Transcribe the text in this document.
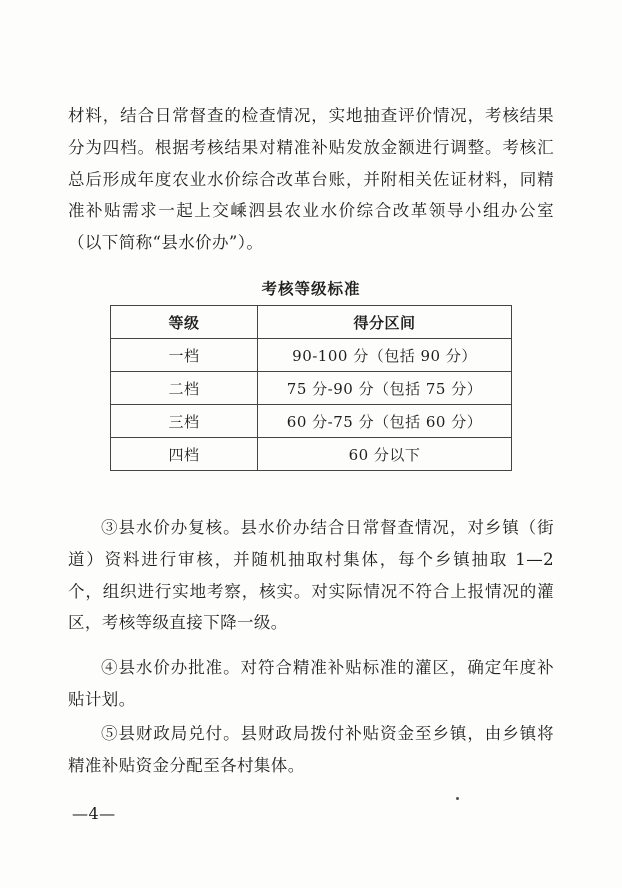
材料，结合日常督查的检查情况，实地抽查评价情况，考核结果分为四档。根据考核结果对精准补贴发放金额进行调整。考核汇总后形成年度农业水价综合改革台账，并附相关佐证材料，同精准补贴需求一起上交嵊泗县农业水价综合改革领导小组办公室（以下简称“县水价办”）。

考核等级标准
等级	得分区间
一档	90-100 分（包括 90 分）
二档	75 分-90 分（包括 75 分）
三档	60 分-75 分（包括 60 分）
四档	60 分以下

③县水价办复核。县水价办结合日常督查情况，对乡镇（街道）资料进行审核，并随机抽取村集体，每个乡镇抽取 1—2 个，组织进行实地考察，核实。对实际情况不符合上报情况的灌区，考核等级直接下降一级。

④县水价办批准。对符合精准补贴标准的灌区，确定年度补贴计划。

⑤县财政局兑付。县财政局拨付补贴资金至乡镇，由乡镇将精准补贴资金分配至各村集体。

—4—
